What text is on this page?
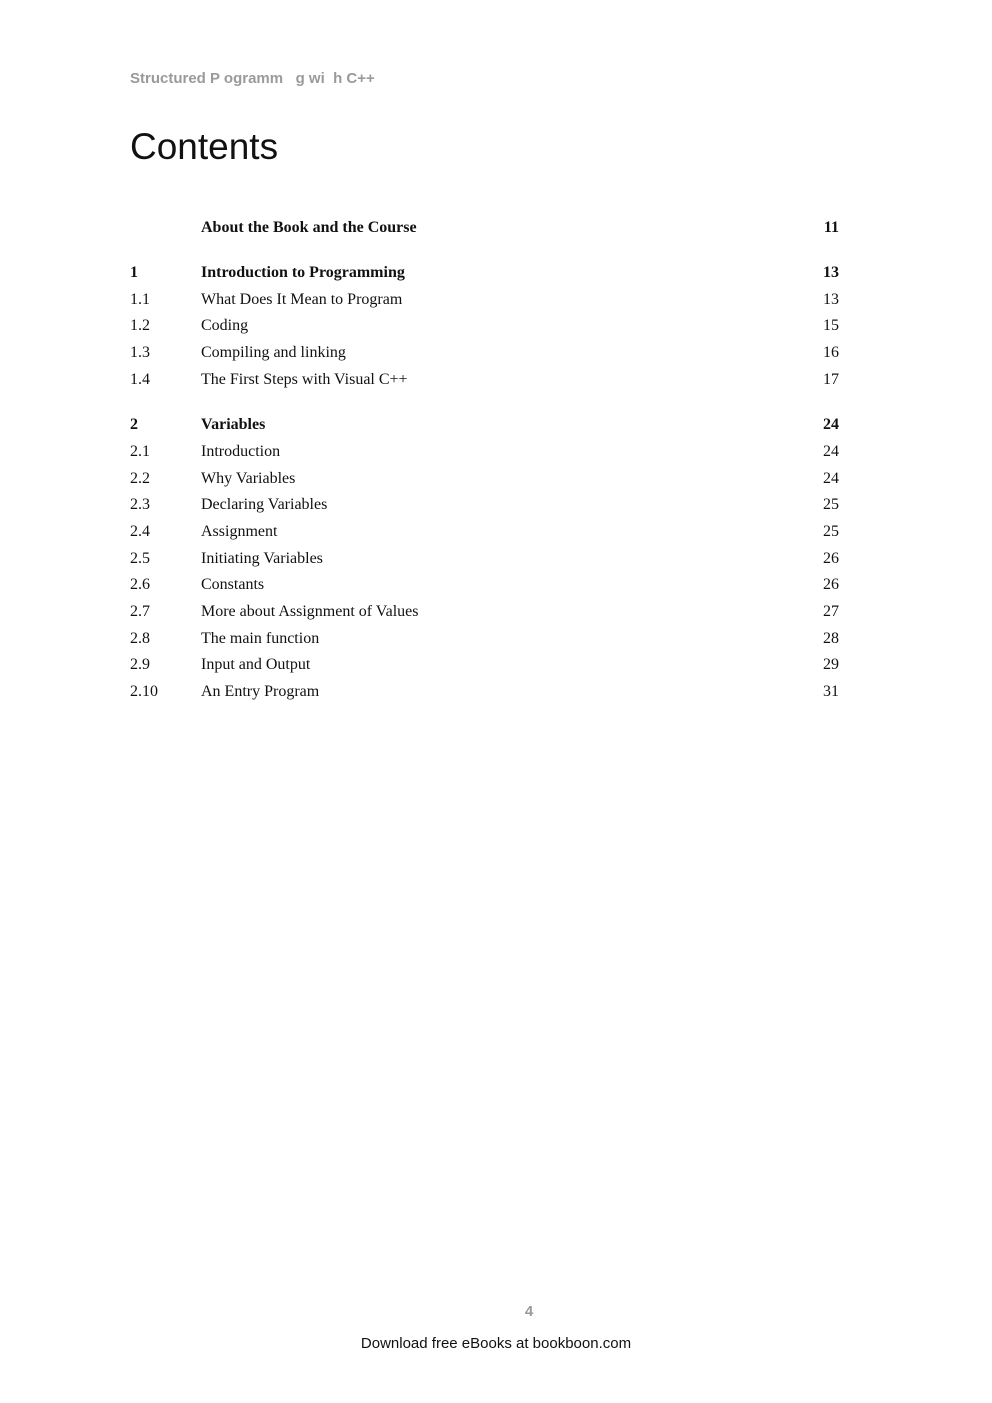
Structured P ogramm   g wi  h C++
Contents
About the Book and the Course	11
1	Introduction to Programming	13
1.1	What Does It Mean to Program	13
1.2	Coding	15
1.3	Compiling and linking	16
1.4	The First Steps with Visual C++	17
2	Variables	24
2.1	Introduction	24
2.2	Why Variables	24
2.3	Declaring Variables	25
2.4	Assignment	25
2.5	Initiating Variables	26
2.6	Constants	26
2.7	More about Assignment of Values	27
2.8	The main function	28
2.9	Input and Output	29
2.10	An Entry Program	31
4
Download free eBooks at bookboon.com
